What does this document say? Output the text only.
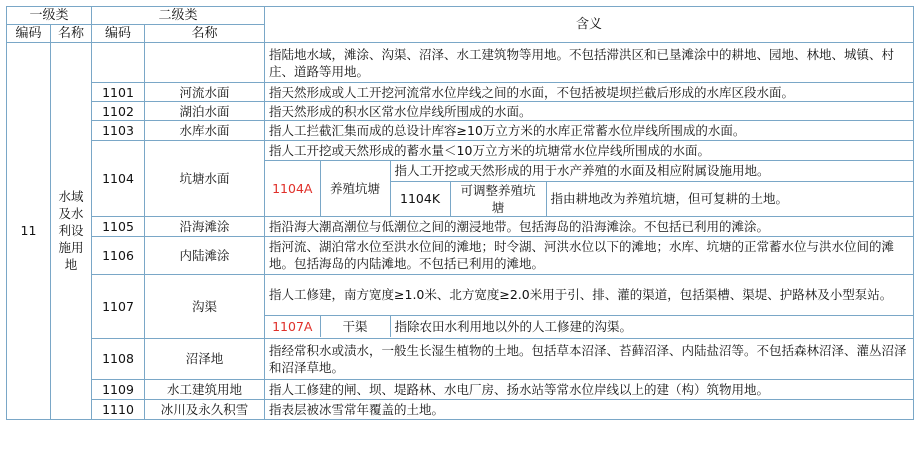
一级类	二级类	含义
编码	名称	编码	名称
11	水域及水利设施用地			指陆地水域，滩涂、沟渠、沼泽、水工建筑物等用地。不包括滞洪区和已垦滩涂中的耕地、园地、林地、城镇、村庄、道路等用地。
1101	河流水面	指天然形成或人工开挖河流常水位岸线之间的水面，不包括被堤坝拦截后形成的水库区段水面。
1102	湖泊水面	指天然形成的积水区常水位岸线所围成的水面。
1103	水库水面	指人工拦截汇集而成的总设计库容≥10万立方米的水库正常蓄水位岸线所围成的水面。
1104	坑塘水面	
指人工开挖或天然形成的蓄水量＜10万立方米的坑塘常水位岸线所围成的水面。
1104A	养殖坑塘	指人工开挖或天然形成的用于水产养殖的水面及相应附属设施用地。
1104K	可调整养殖坑塘	指由耕地改为养殖坑塘，但可复耕的土地。

1105	沿海滩涂	指沿海大潮高潮位与低潮位之间的潮浸地带。包括海岛的沿海滩涂。不包括已利用的滩涂。
1106	内陆滩涂	指河流、湖泊常水位至洪水位间的滩地；时令湖、河洪水位以下的滩地；水库、坑塘的正常蓄水位与洪水位间的滩地。包括海岛的内陆滩地。不包括已利用的滩地。
1107	沟渠	
指人工修建，南方宽度≥1.0米、北方宽度≥2.0米用于引、排、灌的渠道，包括渠槽、渠堤、护路林及小型泵站。
1107A	干渠	指除农田水利用地以外的人工修建的沟渠。

1108	沼泽地	指经常积水或渍水，一般生长湿生植物的土地。包括草本沼泽、苔藓沼泽、内陆盐沼等。不包括森林沼泽、灌丛沼泽和沼泽草地。
1109	水工建筑用地	指人工修建的闸、坝、堤路林、水电厂房、扬水站等常水位岸线以上的建（构）筑物用地。
1110	冰川及永久积雪	指表层被冰雪常年覆盖的土地。
